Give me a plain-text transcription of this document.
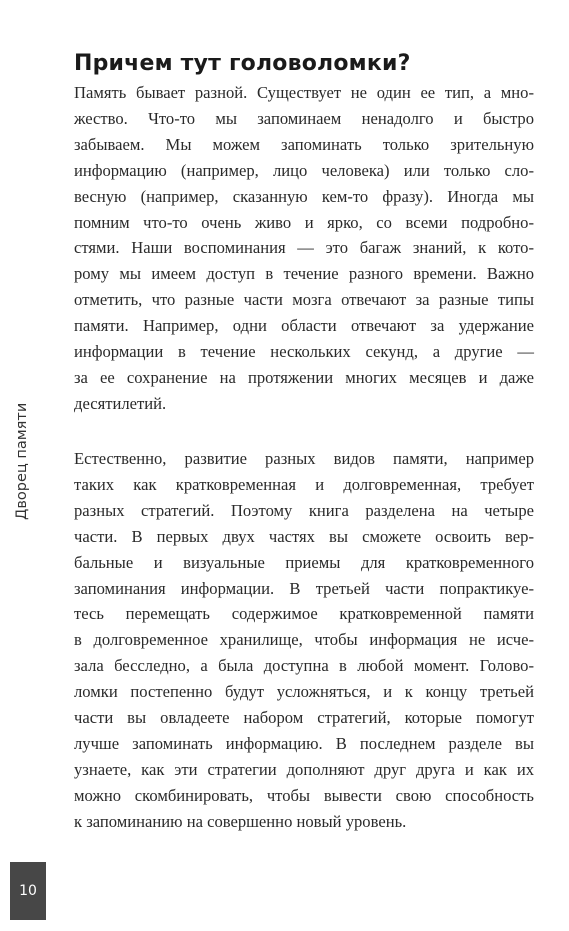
Причем тут головоломки?
Память бывает разной. Существует не один ее тип, а мно-
жество. Что-то мы запоминаем ненадолго и быстро
забываем. Мы можем запоминать только зрительную
информацию (например, лицо человека) или только сло-
весную (например, сказанную кем-то фразу). Иногда мы
помним что-то очень живо и ярко, со всеми подробно-
стями. Наши воспоминания — это багаж знаний, к кото-
рому мы имеем доступ в течение разного времени. Важно
отметить, что разные части мозга отвечают за разные типы
памяти. Например, одни области отвечают за удержание
информации в течение нескольких секунд, а другие —
за ее сохранение на протяжении многих месяцев и даже
десятилетий.
Естественно, развитие разных видов памяти, например
таких как кратковременная и долговременная, требует
разных стратегий. Поэтому книга разделена на четыре
части. В первых двух частях вы сможете освоить вер-
бальные и визуальные приемы для кратковременного
запоминания информации. В третьей части попрактикуе-
тесь перемещать содержимое кратковременной памяти
в долговременное хранилище, чтобы информация не исче-
зала бесследно, а была доступна в любой момент. Голово-
ломки постепенно будут усложняться, и к концу третьей
части вы овладеете набором стратегий, которые помогут
лучше запоминать информацию. В последнем разделе вы
узнаете, как эти стратегии дополняют друг друга и как их
можно скомбинировать, чтобы вывести свою способность
к запоминанию на совершенно новый уровень.
Дворец памяти
10
